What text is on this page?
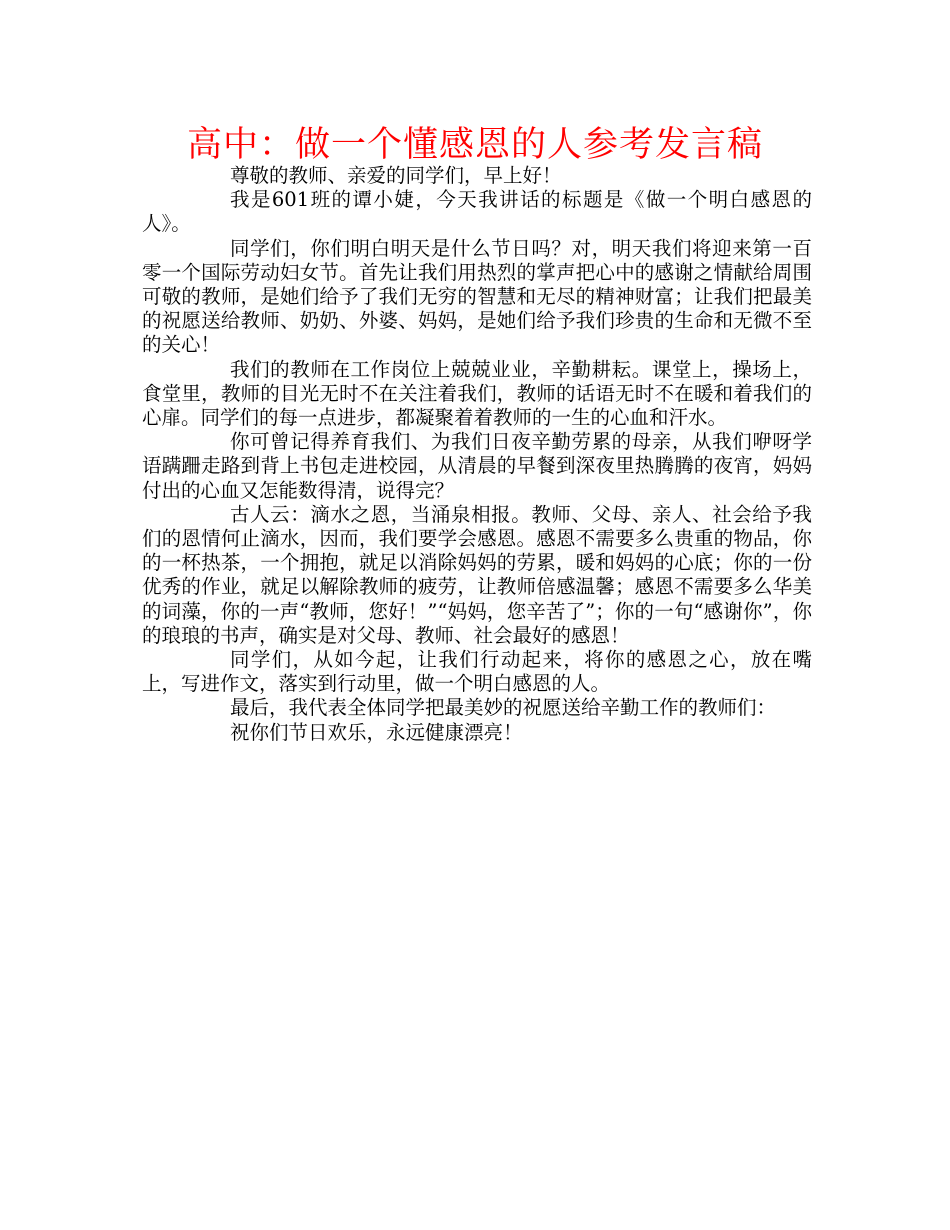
高中：做一个懂感恩的人参考发言稿

尊敬的教师、亲爱的同学们，早上好！

我是601班的谭小婕，今天我讲话的标题是《做一个明白感恩的人》。

同学们，你们明白明天是什么节日吗？对，明天我们将迎来第一百零一个国际劳动妇女节。首先让我们用热烈的掌声把心中的感谢之情献给周围可敬的教师，是她们给予了我们无穷的智慧和无尽的精神财富；让我们把最美的祝愿送给教师、奶奶、外婆、妈妈，是她们给予我们珍贵的生命和无微不至的关心！

我们的教师在工作岗位上兢兢业业，辛勤耕耘。课堂上，操场上，食堂里，教师的目光无时不在关注着我们，教师的话语无时不在暖和着我们的心扉。同学们的每一点进步，都凝聚着着教师的一生的心血和汗水。

你可曾记得养育我们、为我们日夜辛勤劳累的母亲，从我们咿呀学语蹒跚走路到背上书包走进校园，从清晨的早餐到深夜里热腾腾的夜宵，妈妈付出的心血又怎能数得清，说得完？

古人云：滴水之恩，当涌泉相报。教师、父母、亲人、社会给予我们的恩情何止滴水，因而，我们要学会感恩。感恩不需要多么贵重的物品，你的一杯热茶，一个拥抱，就足以消除妈妈的劳累，暖和妈妈的心底；你的一份优秀的作业，就足以解除教师的疲劳，让教师倍感温馨；感恩不需要多么华美的词藻，你的一声“教师，您好！”“妈妈，您辛苦了”；你的一句“感谢你”，你的琅琅的书声，确实是对父母、教师、社会最好的感恩！

同学们，从如今起，让我们行动起来，将你的感恩之心，放在嘴上，写进作文，落实到行动里，做一个明白感恩的人。

最后，我代表全体同学把最美妙的祝愿送给辛勤工作的教师们：

祝你们节日欢乐，永远健康漂亮！
